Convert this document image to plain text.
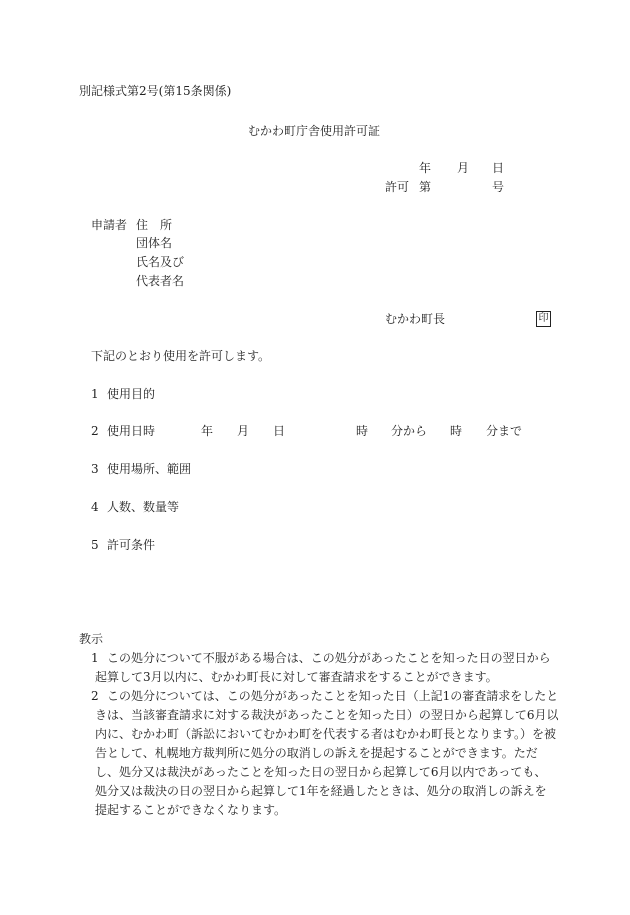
別記様式第2号(第15条関係)
むかわ町庁舎使用許可証
年 月 日
許可 第	号
申請者 住　所
団体名
氏名及び
代表者名
むかわ町長	印
下記のとおり使用を許可します。
1 使用目的
2 使用日時	年 月 日	時 分から 時 分まで
3 使用場所、範囲
4 人数、数量等
5 許可条件
教示
1 この処分について不服がある場合は、この処分があったことを知った日の翌日から
起算して3月以内に、むかわ町長に対して審査請求をすることができます。
2 この処分については、この処分があったことを知った日（上記1の審査請求をしたと
きは、当該審査請求に対する裁決があったことを知った日）の翌日から起算して6月以
内に、むかわ町（訴訟においてむかわ町を代表する者はむかわ町長となります。）を被
告として、札幌地方裁判所に処分の取消しの訴えを提起することができます。ただ
し、処分又は裁決があったことを知った日の翌日から起算して6月以内であっても、
処分又は裁決の日の翌日から起算して1年を経過したときは、処分の取消しの訴えを
提起することができなくなります。
